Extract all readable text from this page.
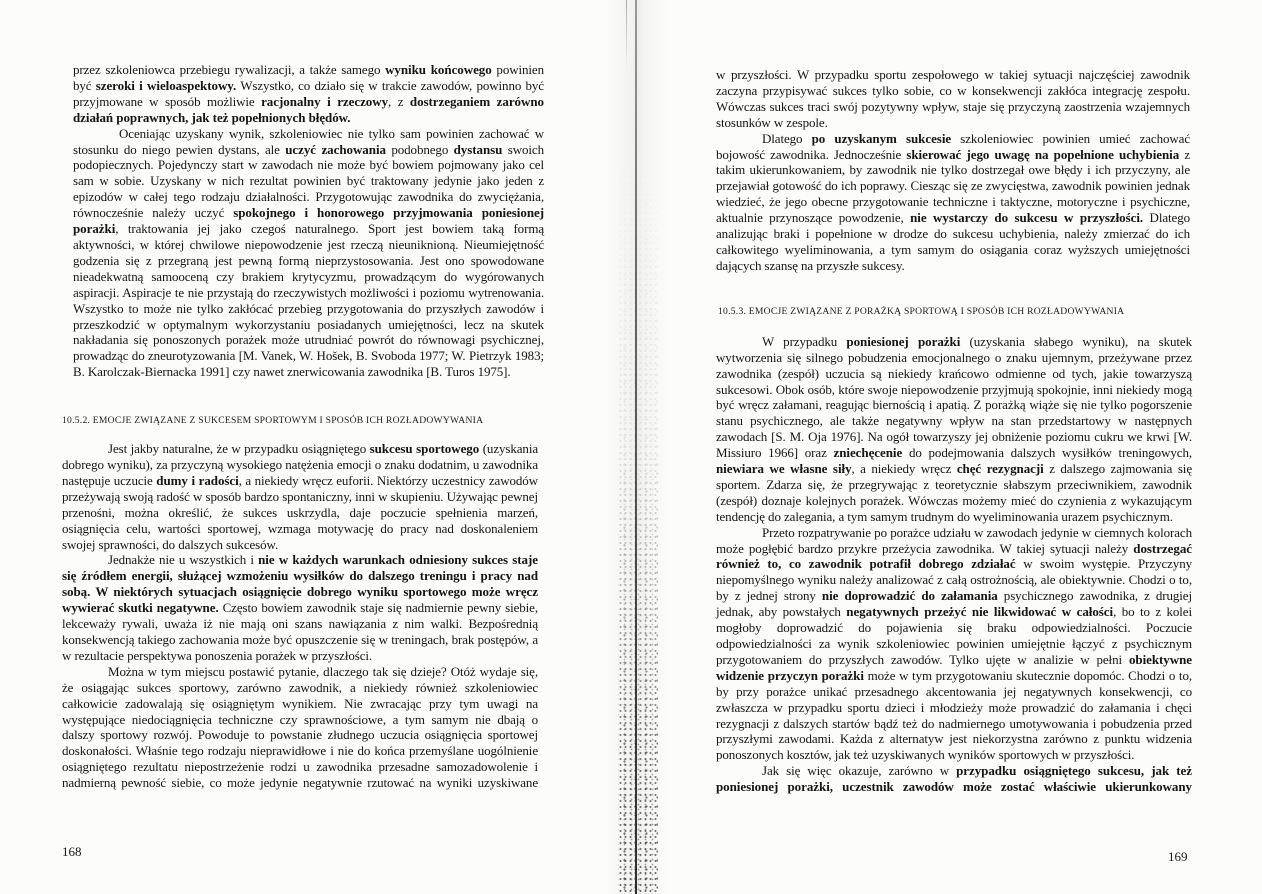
przez szkoleniowca przebiegu rywalizacji, a także samego wyniku końcowego powinien być szeroki i wieloaspektowy. Wszystko, co działo się w trakcie zawodów, powinno być przyjmowane w sposób możliwie racjonalny i rzeczowy, z dostrzeganiem zarówno działań poprawnych, jak też popełnionych błędów.

Oceniając uzyskany wynik, szkoleniowiec nie tylko sam powinien zachować w stosunku do niego pewien dystans, ale uczyć zachowania podobnego dystansu swoich podopiecznych. Pojedynczy start w zawodach nie może być bowiem pojmowany jako cel sam w sobie. Uzyskany w nich rezultat powinien być traktowany jedynie jako jeden z epizodów w całej tego rodzaju działalności. Przygotowując zawodnika do zwyciężania, równocześnie należy uczyć spokojnego i honorowego przyjmowania poniesionej porażki, traktowania jej jako czegoś naturalnego. Sport jest bowiem taką formą aktywności, w której chwilowe niepowodzenie jest rzeczą nieuniknioną. Nieumiejętność godzenia się z przegraną jest pewną formą nieprzystosowania. Jest ono spowodowane nieadekwatną samooceną czy brakiem krytycyzmu, prowadzącym do wygórowanych aspiracji. Aspiracje te nie przystają do rzeczywistych możliwości i poziomu wytrenowania. Wszystko to może nie tylko zakłócać przebieg przygotowania do przyszłych zawodów i przeszkodzić w optymalnym wykorzystaniu posiadanych umiejętności, lecz na skutek nakładania się ponoszonych porażek może utrudniać powrót do równowagi psychicznej, prowadząc do zneurotyzowania [M. Vanek, W. Hošek, B. Svoboda 1977; W. Pietrzyk 1983; B. Karolczak-Biernacka 1991] czy nawet znerwicowania zawodnika [B. Turos 1975].

10.5.2. EMOCJE ZWIĄZANE Z SUKCESEM SPORTOWYM I SPOSÓB ICH ROZŁADOWYWANIA

Jest jakby naturalne, że w przypadku osiągniętego sukcesu sportowego (uzyskania dobrego wyniku), za przyczyną wysokiego natężenia emocji o znaku dodatnim, u zawodnika następuje uczucie dumy i radości, a niekiedy wręcz euforii. Niektórzy uczestnicy zawodów przeżywają swoją radość w sposób bardzo spontaniczny, inni w skupieniu. Używając pewnej przenośni, można określić, że sukces uskrzydla, daje poczucie spełnienia marzeń, osiągnięcia celu, wartości sportowej, wzmaga motywację do pracy nad doskonaleniem swojej sprawności, do dalszych sukcesów.

Jednakże nie u wszystkich i nie w każdych warunkach odniesiony sukces staje się źródłem energii, służącej wzmożeniu wysiłków do dalszego treningu i pracy nad sobą. W niektórych sytuacjach osiągnięcie dobrego wyniku sportowego może wręcz wywierać skutki negatywne. Często bowiem zawodnik staje się nadmiernie pewny siebie, lekceważy rywali, uważa iż nie mają oni szans nawiązania z nim walki. Bezpośrednią konsekwencją takiego zachowania może być opuszczenie się w treningach, brak postępów, a w rezultacie perspektywa ponoszenia porażek w przyszłości.

Można w tym miejscu postawić pytanie, dlaczego tak się dzieje? Otóż wydaje się, że osiągając sukces sportowy, zarówno zawodnik, a niekiedy również szkoleniowiec całkowicie zadowalają się osiągniętym wynikiem. Nie zwracając przy tym uwagi na występujące niedociągnięcia techniczne czy sprawnościowe, a tym samym nie dbają o dalszy sportowy rozwój. Powoduje to powstanie złudnego uczucia osiągnięcia sportowej doskonałości. Właśnie tego rodzaju nieprawidłowe i nie do końca przemyślane uogólnienie osiągniętego rezultatu niepostrzeżenie rodzi u zawodnika przesadne samozadowolenie i nadmierną pewność siebie, co może jedynie negatywnie rzutować na wyniki uzyskiwane

w przyszłości. W przypadku sportu zespołowego w takiej sytuacji najczęściej zawodnik zaczyna przypisywać sukces tylko sobie, co w konsekwencji zakłóca integrację zespołu. Wówczas sukces traci swój pozytywny wpływ, staje się przyczyną zaostrzenia wzajemnych stosunków w zespole.

Dlatego po uzyskanym sukcesie szkoleniowiec powinien umieć zachować bojowość zawodnika. Jednocześnie skierować jego uwagę na popełnione uchybienia z takim ukierunkowaniem, by zawodnik nie tylko dostrzegał owe błędy i ich przyczyny, ale przejawiał gotowość do ich poprawy. Ciesząc się ze zwycięstwa, zawodnik powinien jednak wiedzieć, że jego obecne przygotowanie techniczne i taktyczne, motoryczne i psychiczne, aktualnie przynoszące powodzenie, nie wystarczy do sukcesu w przyszłości. Dlatego analizując braki i popełnione w drodze do sukcesu uchybienia, należy zmierzać do ich całkowitego wyeliminowania, a tym samym do osiągania coraz wyższych umiejętności dających szansę na przyszłe sukcesy.

10.5.3. EMOCJE ZWIĄZANE Z PORAŻKĄ SPORTOWĄ I SPOSÓB ICH ROZŁADOWYWANIA

W przypadku poniesionej porażki (uzyskania słabego wyniku), na skutek wytworzenia się silnego pobudzenia emocjonalnego o znaku ujemnym, przeżywane przez zawodnika (zespół) uczucia są niekiedy krańcowo odmienne od tych, jakie towarzyszą sukcesowi. Obok osób, które swoje niepowodzenie przyjmują spokojnie, inni niekiedy mogą być wręcz załamani, reagując biernością i apatią. Z porażką wiąże się nie tylko pogorszenie stanu psychicznego, ale także negatywny wpływ na stan przedstartowy w następnych zawodach [S. M. Oja 1976]. Na ogół towarzyszy jej obniżenie poziomu cukru we krwi [W. Missiuro 1966] oraz zniechęcenie do podejmowania dalszych wysiłków treningowych, niewiara we własne siły, a niekiedy wręcz chęć rezygnacji z dalszego zajmowania się sportem. Zdarza się, że przegrywając z teoretycznie słabszym przeciwnikiem, zawodnik (zespół) doznaje kolejnych porażek. Wówczas możemy mieć do czynienia z wykazującym tendencję do zalegania, a tym samym trudnym do wyeliminowania urazem psychicznym.

Przeto rozpatrywanie po porażce udziału w zawodach jedynie w ciemnych kolorach może pogłębić bardzo przykre przeżycia zawodnika. W takiej sytuacji należy dostrzegać również to, co zawodnik potrafił dobrego zdziałać w swoim występie. Przyczyny niepomyślnego wyniku należy analizować z całą ostrożnością, ale obiektywnie. Chodzi o to, by z jednej strony nie doprowadzić do załamania psychicznego zawodnika, z drugiej jednak, aby powstałych negatywnych przeżyć nie likwidować w całości, bo to z kolei mogłoby doprowadzić do pojawienia się braku odpowiedzialności. Poczucie odpowiedzialności za wynik szkoleniowiec powinien umiejętnie łączyć z psychicznym przygotowaniem do przyszłych zawodów. Tylko ujęte w analizie w pełni obiektywne widzenie przyczyn porażki może w tym przygotowaniu skutecznie dopomóc. Chodzi o to, by przy porażce unikać przesadnego akcentowania jej negatywnych konsekwencji, co zwłaszcza w przypadku sportu dzieci i młodzieży może prowadzić do załamania i chęci rezygnacji z dalszych startów bądź też do nadmiernego umotywowania i pobudzenia przed przyszłymi zawodami. Każda z alternatyw jest niekorzystna zarówno z punktu widzenia ponoszonych kosztów, jak też uzyskiwanych wyników sportowych w przyszłości.

Jak się więc okazuje, zarówno w przypadku osiągniętego sukcesu, jak też poniesionej porażki, uczestnik zawodów może zostać właściwie ukierunkowany

168	169
